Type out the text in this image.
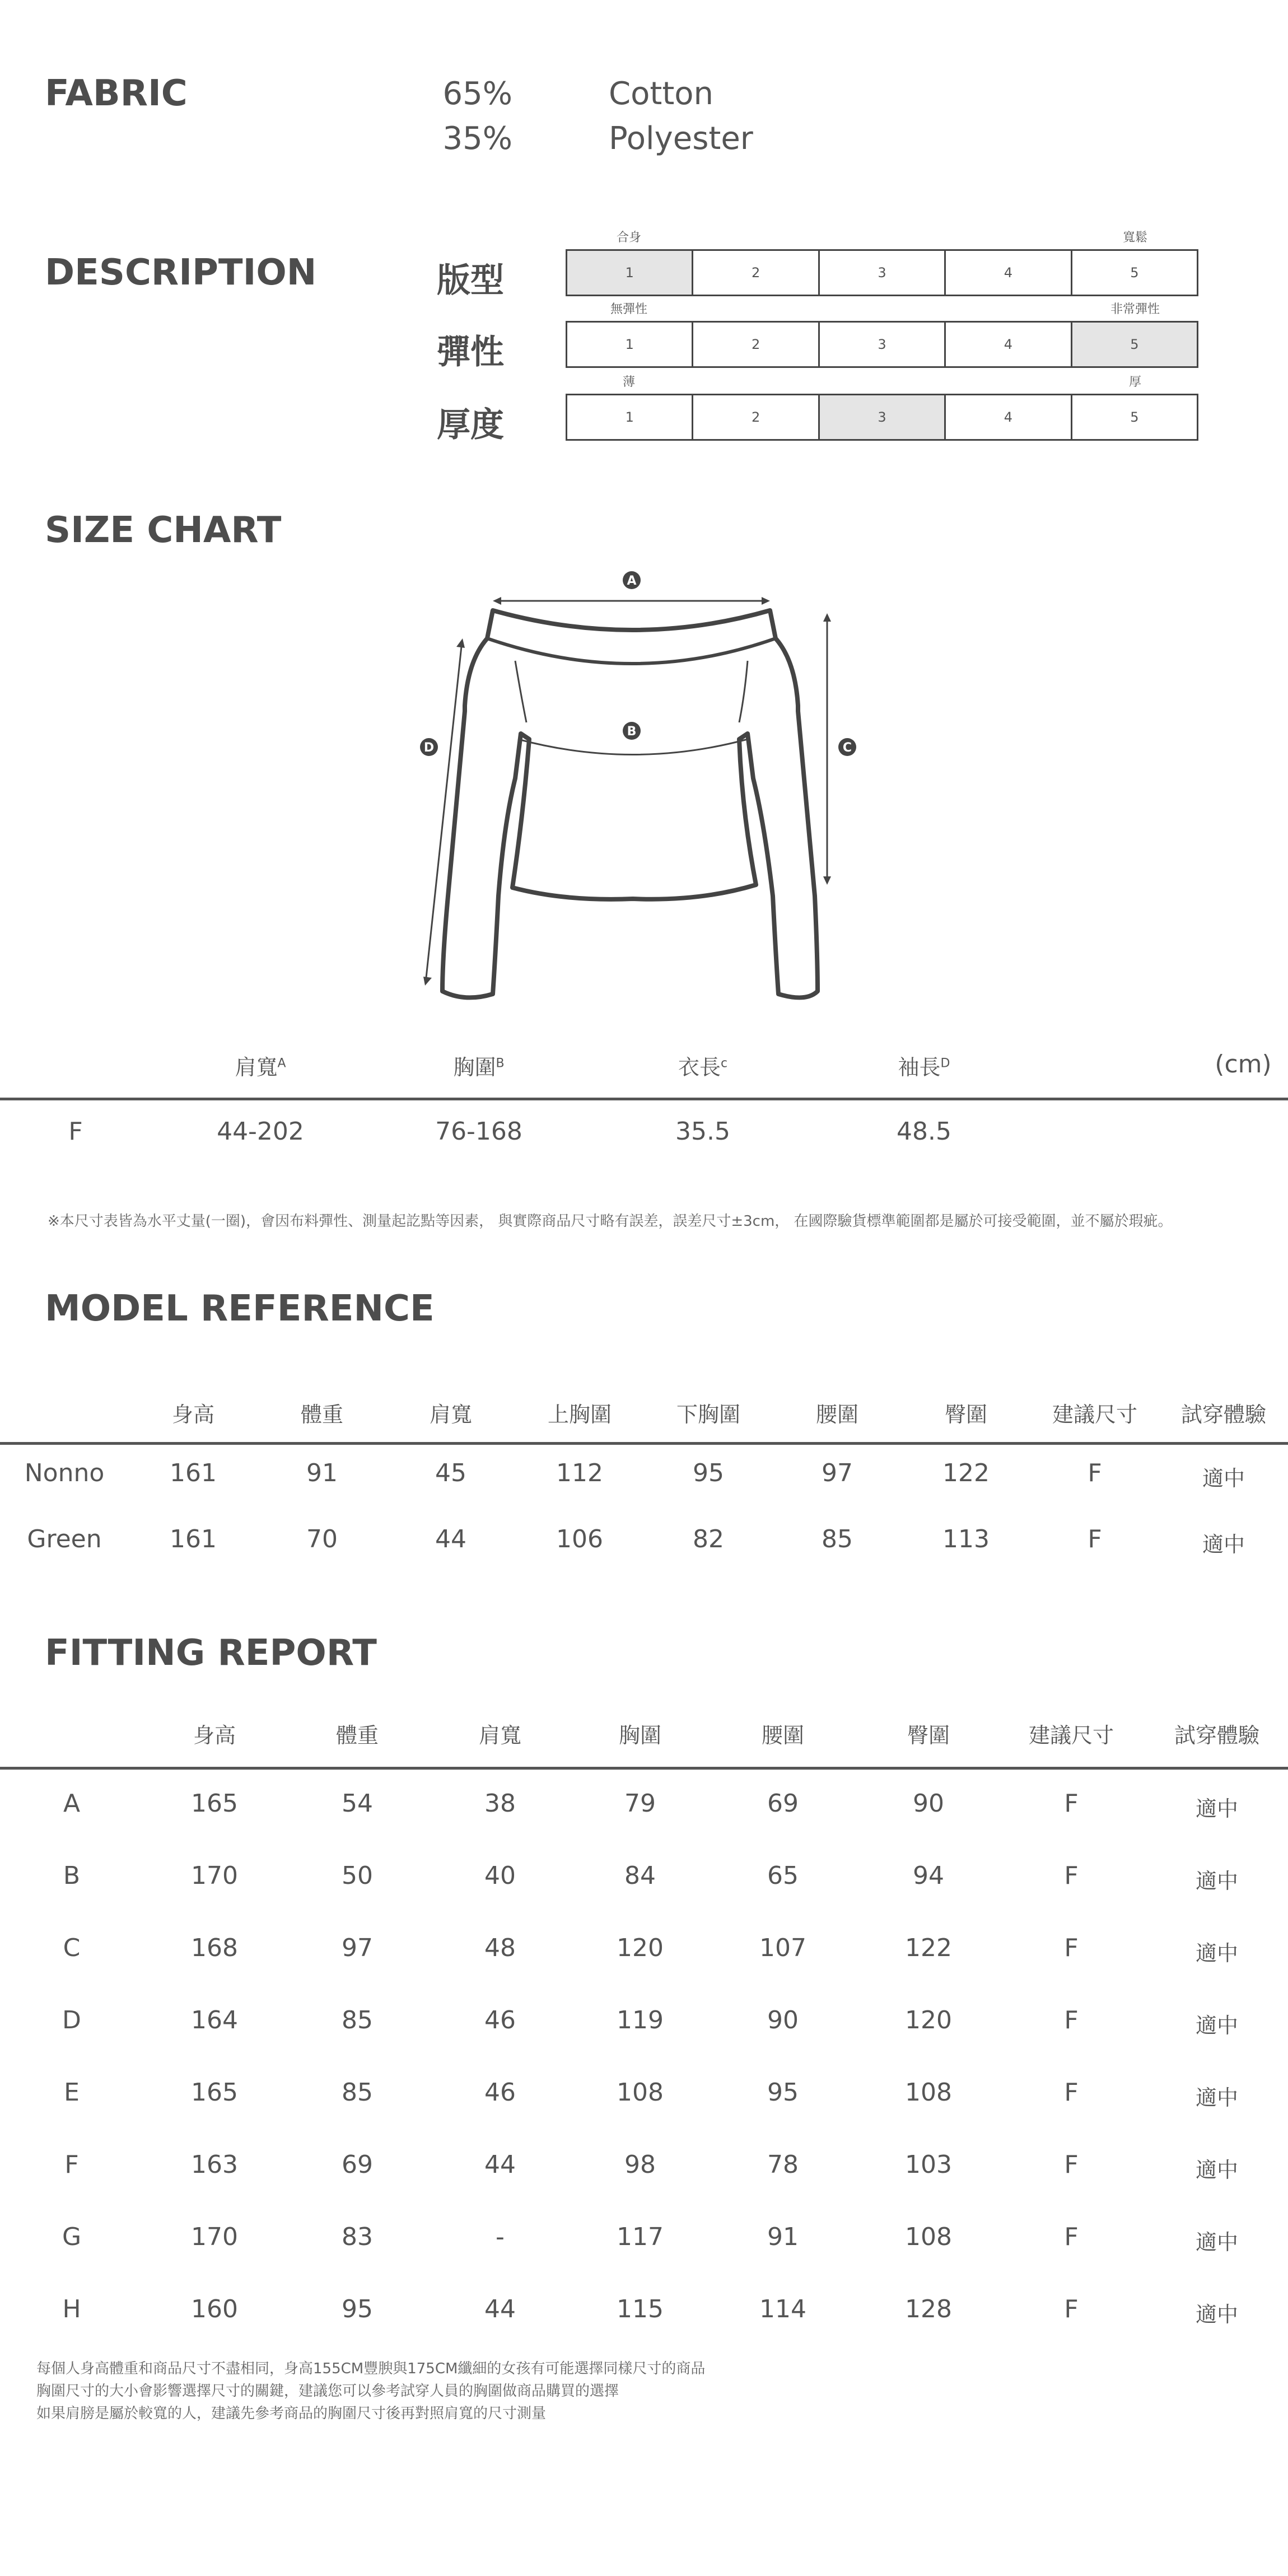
FABRIC	65%	Cotton
35%	Polyester
DESCRIPTION	版型
合身	寬鬆
1	2	3	4	5
彈性
無彈性	非常彈性
1	2	3	4	5
厚度
薄	厚
1	2	3	4	5
SIZE CHART
A
B
C
D
肩寬$^A$	胸圍$^B$	衣長$^c$	袖長$^D$	(cm)
F	44-202	76-168	35.5	48.5
※本尺寸表皆為水平丈量(一圈)，會因布料彈性、測量起訖點等因素， 與實際商品尺寸略有誤差，誤差尺寸±3cm， 在國際驗貨標準範圍都是屬於可接受範圍，並不屬於瑕疵。
MODEL REFERENCE
身高	體重	肩寬	上胸圍	下胸圍	腰圍	臀圍	建議尺寸 試穿體驗
Nonno	161	91	45	112	95	97	122	F	適中
Green	161	70	44	106	82	85	113	F	適中
FITTING REPORT
身高	體重	肩寬	胸圍	腰圍	臀圍	建議尺寸	試穿體驗
A	165	54	38	79	69	90	F	適中
B	170	50	40	84	65	94	F	適中
C	168	97	48	120	107	122	F	適中
D	164	85	46	119	90	120	F	適中
E	165	85	46	108	95	108	F	適中
F	163	69	44	98	78	103	F	適中
G	170	83	-	117	91	108	F	適中
H	160	95	44	115	114	128	F	適中
每個人身高體重和商品尺寸不盡相同，身高155CM豐腴與175CM纖細的女孩有可能選擇同樣尺寸的商品
胸圍尺寸的大小會影響選擇尺寸的關鍵，建議您可以參考試穿人員的胸圍做商品購買的選擇
如果肩膀是屬於較寬的人，建議先參考商品的胸圍尺寸後再對照肩寬的尺寸測量
